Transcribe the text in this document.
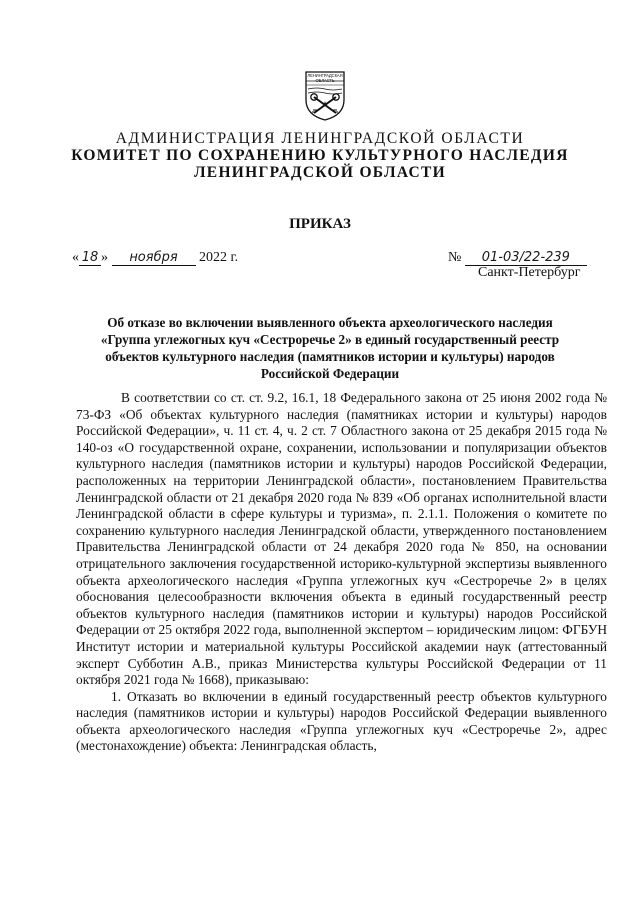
ЛЕНИНГРАДСКАЯ ОБЛАСТЬ
АДМИНИСТРАЦИЯ ЛЕНИНГРАДСКОЙ ОБЛАСТИ
КОМИТЕТ ПО СОХРАНЕНИЮ КУЛЬТУРНОГО НАСЛЕДИЯ
ЛЕНИНГРАДСКОЙ ОБЛАСТИ
ПРИКАЗ
« 18 » ноября 2022 г.	№ 01-03/22-239
Санкт-Петербург
Об отказе во включении выявленного объекта археологического наследия
«Группа углежогных куч «Сестроречье 2» в единый государственный реестр
объектов культурного наследия (памятников истории и культуры) народов
Российской Федерации

В соответствии со ст. ст. 9.2, 16.1, 18 Федерального закона от 25 июня 2002 года № 73-ФЗ «Об объектах культурного наследия (памятниках истории и культуры) народов Российской Федерации», ч. 11 ст. 4, ч. 2 ст. 7 Областного закона от 25 декабря 2015 года № 140-оз «О государственной охране, сохранении, использовании и популяризации объектов культурного наследия (памятников истории и культуры) народов Российской Федерации, расположенных на территории Ленинградской области», постановлением Правительства Ленинградской области от 21 декабря 2020 года № 839 «Об органах исполнительной власти Ленинградской области в сфере культуры и туризма», п. 2.1.1. Положения о комитете по сохранению культурного наследия Ленинградской области, утвержденного постановлением Правительства Ленинградской области от 24 декабря 2020 года № 850, на основании отрицательного заключения государственной историко-культурной экспертизы выявленного объекта археологического наследия «Группа углежогных куч «Сестроречье 2» в целях обоснования целесообразности включения объекта в единый государственный реестр объектов культурного наследия (памятников истории и культуры) народов Российской Федерации от 25 октября 2022 года, выполненной экспертом – юридическим лицом: ФГБУН Институт истории и материальной культуры Российской академии наук (аттестованный эксперт Субботин А.В., приказ Министерства культуры Российской Федерации от 11 октября 2021 года № 1668), приказываю:

1. Отказать во включении в единый государственный реестр объектов культурного наследия (памятников истории и культуры) народов Российской Федерации выявленного объекта археологического наследия «Группа углежогных куч «Сестроречье 2», адрес (местонахождение) объекта: Ленинградская область,
